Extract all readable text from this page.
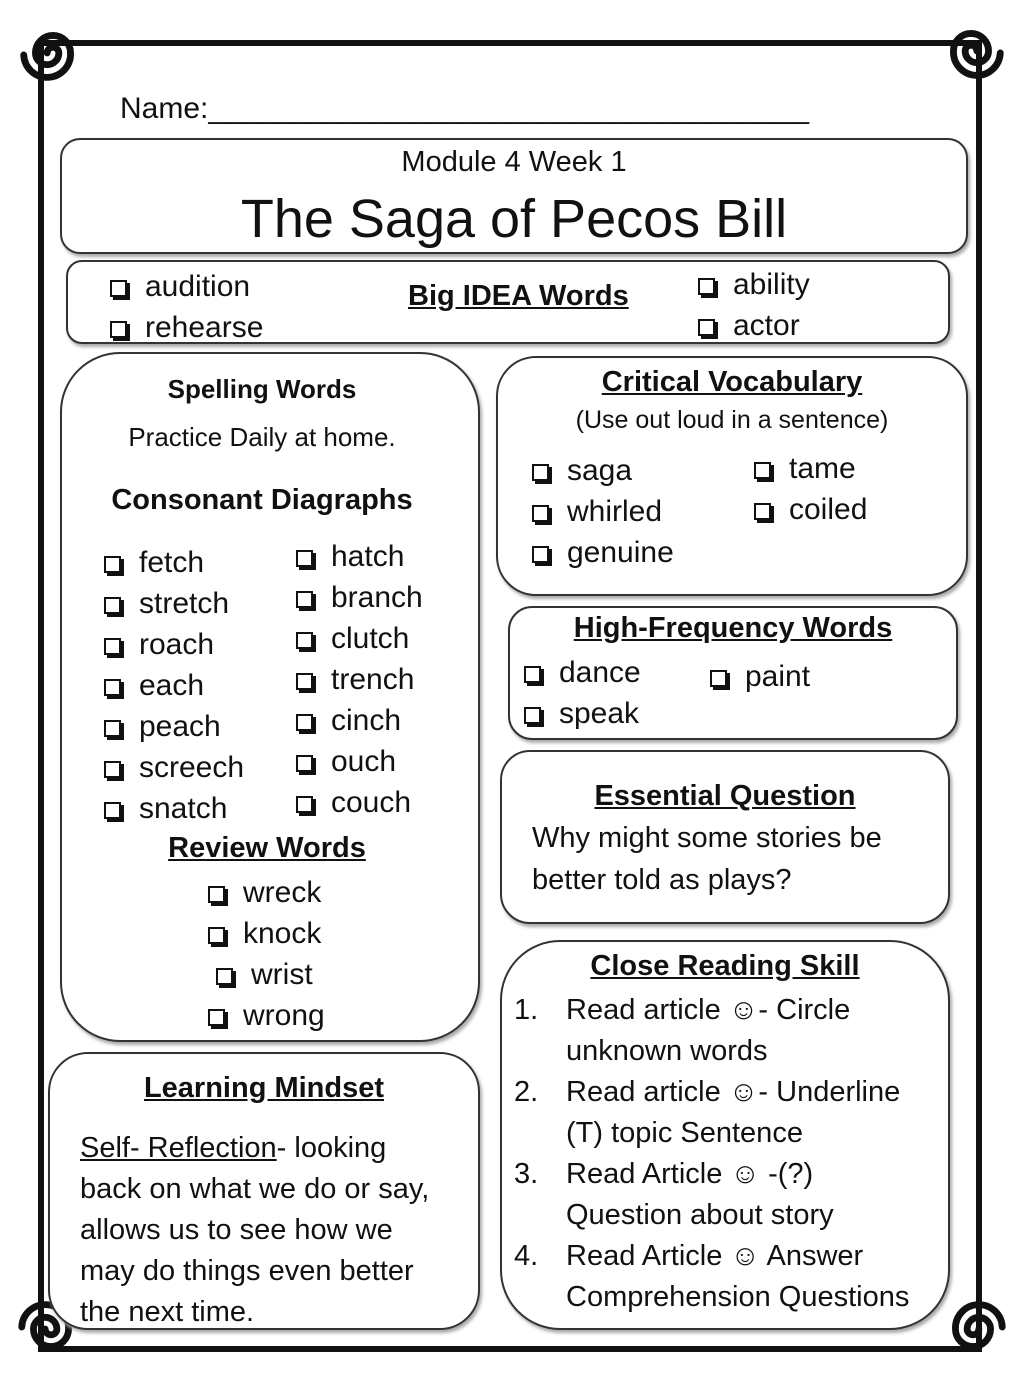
Name:____________________________________
Module 4 Week 1
The Saga of Pecos Bill
audition
rehearse
Big IDEA Words	ability
actor
Spelling Words
Practice Daily at home.
Consonant Diagraphs
fetch
stretch
roach
each
peach
screech
snatch
hatch
branch
clutch
trench
cinch
ouch
couch
Review Words
wreck
knock
wrist
wrong
Critical Vocabulary
(Use out loud in a sentence)
saga
whirled
genuine
tame
coiled
High-Frequency Words
dance
speak
paint
Essential Question
Why might some stories be
better told as plays?
Close Reading Skill
1. Read article ☺- Circle
unknown words
2. Read article ☺- Underline
(T) topic Sentence
3. Read Article ☺ -(?)
Question about story
4. Read Article ☺ Answer
Comprehension Questions
Learning Mindset
Self- Reflection- looking
back on what we do or say,
allows us to see how we
may do things even better
the next time.
